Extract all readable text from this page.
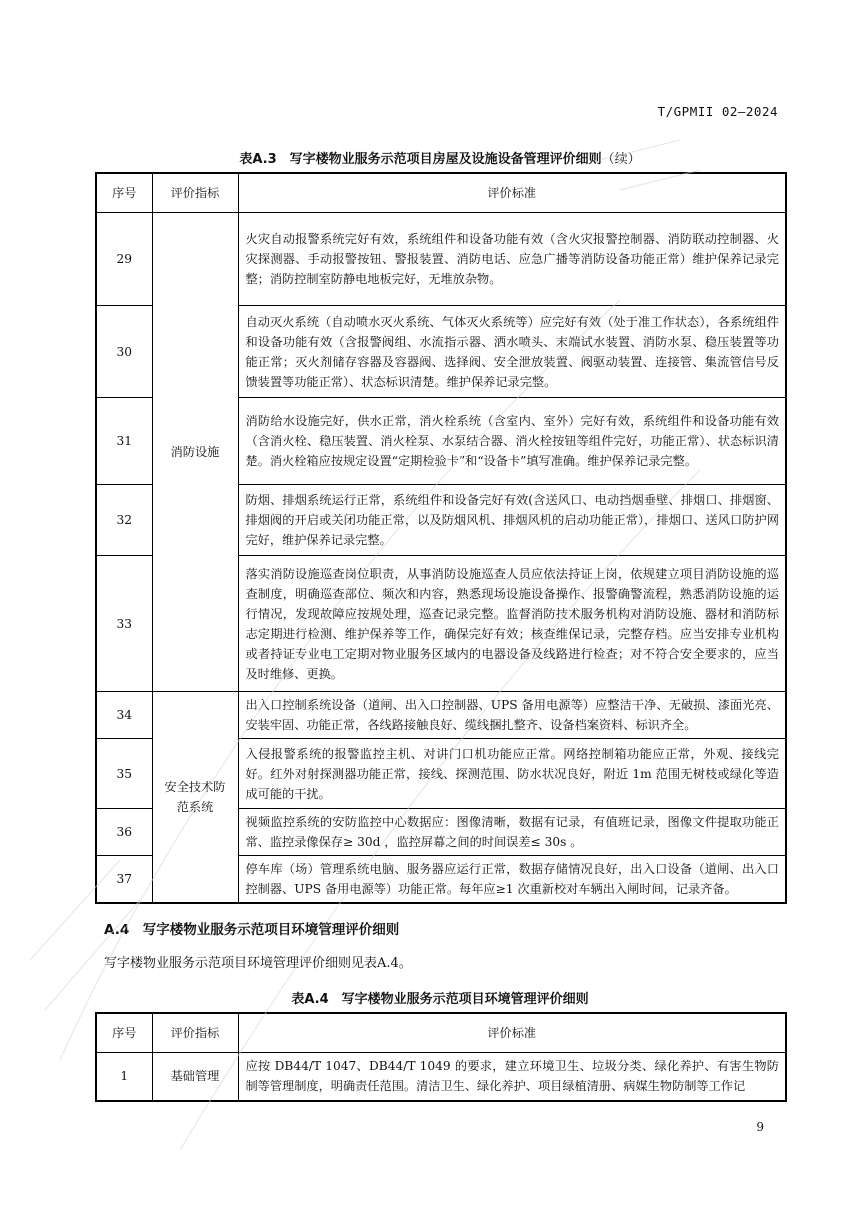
T/GPMII 02—2024
表A.3　写字楼物业服务示范项目房屋及设施设备管理评价细则（续）
序号	评价指标	评价标准
29	消防设施	火灾自动报警系统完好有效，系统组件和设备功能有效（含火灾报警控制器、消防联动控制器、火灾探测器、手动报警按钮、警报装置、消防电话、应急广播等消防设备功能正常）维护保养记录完整；消防控制室防静电地板完好，无堆放杂物。
30		自动灭火系统（自动喷水灭火系统、气体灭火系统等）应完好有效（处于准工作状态），各系统组件和设备功能有效（含报警阀组、水流指示器、洒水喷头、末端试水装置、消防水泵、稳压装置等功能正常；灭火剂储存容器及容器阀、选择阀、安全泄放装置、阀驱动装置、连接管、集流管信号反馈装置等功能正常）、状态标识清楚。维护保养记录完整。
31		消防给水设施完好，供水正常，消火栓系统（含室内、室外）完好有效，系统组件和设备功能有效（含消火栓、稳压装置、消火栓泵、水泵结合器、消火栓按钮等组件完好，功能正常）、状态标识清楚。消火栓箱应按规定设置“定期检验卡”和“设备卡”填写准确。维护保养记录完整。
32		防烟、排烟系统运行正常，系统组件和设备完好有效(含送风口、电动挡烟垂壁、排烟口、排烟窗、排烟阀的开启或关闭功能正常，以及防烟风机、排烟风机的启动功能正常），排烟口、送风口防护网完好，维护保养记录完整。
33		落实消防设施巡查岗位职责，从事消防设施巡查人员应依法持证上岗，依规建立项目消防设施的巡查制度，明确巡查部位、频次和内容，熟悉现场设施设备操作、报警确警流程，熟悉消防设施的运行情况，发现故障应按规处理，巡查记录完整。监督消防技术服务机构对消防设施、器材和消防标志定期进行检测、维护保养等工作，确保完好有效；核查维保记录，完整存档。应当安排专业机构或者持证专业电工定期对物业服务区域内的电器设备及线路进行检查；对不符合安全要求的，应当及时维修、更换。
34	安全技术防范系统	出入口控制系统设备（道闸、出入口控制器、UPS 备用电源等）应整洁干净、无破损、漆面光亮、安装牢固、功能正常，各线路接触良好、缆线捆扎整齐、设备档案资料、标识齐全。
35		入侵报警系统的报警监控主机、对讲门口机功能应正常。网络控制箱功能应正常，外观、接线完好。红外对射探测器功能正常，接线、探测范围、防水状况良好，附近 1m 范围无树枝或绿化等造成可能的干扰。
36		视频监控系统的安防监控中心数据应：图像清晰，数据有记录，有值班记录，图像文件提取功能正常、监控录像保存≥ 30d ，监控屏幕之间的时间误差≤ 30s 。
37		停车库（场）管理系统电脑、服务器应运行正常，数据存储情况良好，出入口设备（道闸、出入口控制器、UPS 备用电源等）功能正常。每年应≥1 次重新校对车辆出入闸时间，记录齐备。
A.4　写字楼物业服务示范项目环境管理评价细则
写字楼物业服务示范项目环境管理评价细则见表A.4。
表A.4　写字楼物业服务示范项目环境管理评价细则
序号	评价指标	评价标准
1	基础管理	应按 DB44/T 1047、DB44/T 1049 的要求，建立环境卫生、垃圾分类、绿化养护、有害生物防制等管理制度，明确责任范围。清洁卫生、绿化养护、项目绿植清册、病媒生物防制等工作记
9
